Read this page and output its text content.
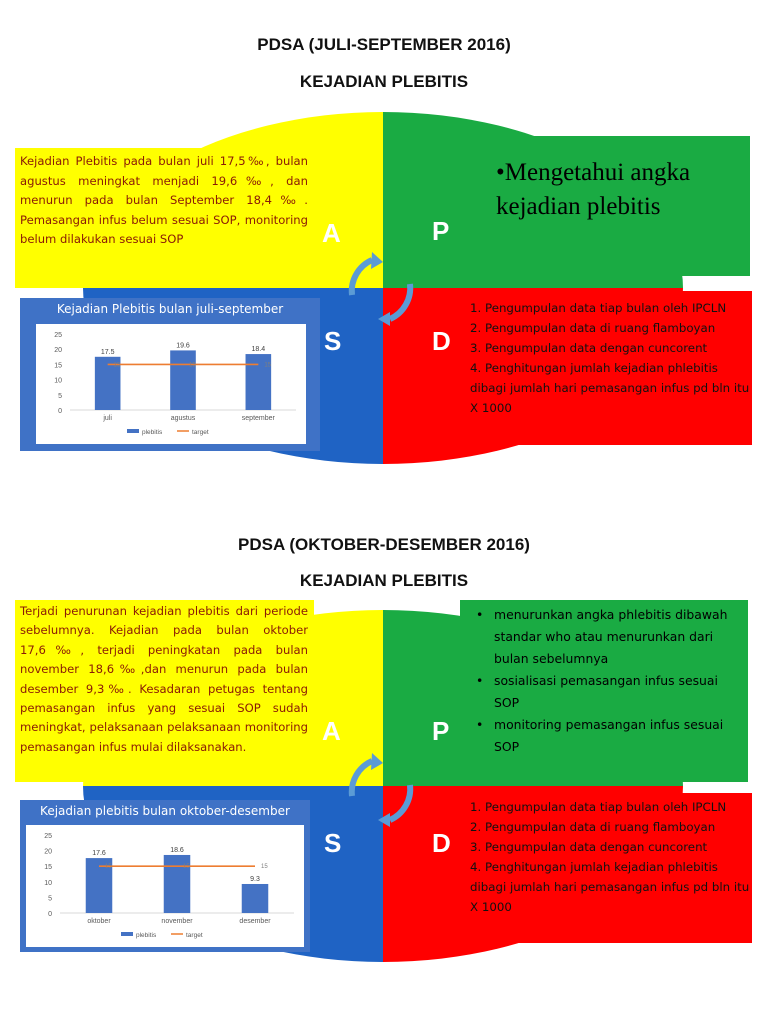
PDSA (JULI-SEPTEMBER 2016)
KEJADIAN PLEBITIS
A	P
S	D
Kejadian Plebitis pada bulan juli 17,5‰, bulan agustus meningkat menjadi 19,6‰, dan menurun pada bulan September 18,4‰. Pemasangan infus belum sesuai SOP, monitoring belum dilakukan sesuai SOP
•Mengetahui angka kejadian plebitis
1. Pengumpulan data tiap bulan oleh IPCLN
2. Pengumpulan data di ruang flamboyan
3. Pengumpulan data dengan cuncorent
4. Penghitungan jumlah kejadian phlebitis dibagi jumlah hari pemasangan infus pd bln itu X 1000
Kejadian Plebitis bulan juli-september
0
5
10
15
20
25
17.5
juli
19.6
agustus
18.4
september
15	15	15
plebitis	target
PDSA (OKTOBER-DESEMBER 2016)
KEJADIAN PLEBITIS
A	P
S	D
Terjadi penurunan kejadian plebitis dari periode sebelumnya. Kejadian pada bulan oktober 17,6‰, terjadi peningkatan pada bulan november 18,6‰,dan menurun pada bulan desember 9,3‰. Kesadaran petugas tentang pemasangan infus yang sesuai SOP sudah meningkat, pelaksanaan pelaksanaan monitoring pemasangan infus mulai dilaksanakan.
• menurunkan angka phlebitis dibawah standar who atau menurunkan dari bulan sebelumnya
• sosialisasi pemasangan infus sesuai SOP
• monitoring pemasangan infus sesuai SOP
1. Pengumpulan data tiap bulan oleh IPCLN
2. Pengumpulan data di ruang flamboyan
3. Pengumpulan data dengan cuncorent
4. Penghitungan jumlah kejadian phlebitis dibagi jumlah hari pemasangan infus pd bln itu X 1000
Kejadian plebitis bulan oktober-desember
0
5
10
15
20
25
17.6
oktober
18.6
november
9.3
desember
15	15	15
plebitis	target
